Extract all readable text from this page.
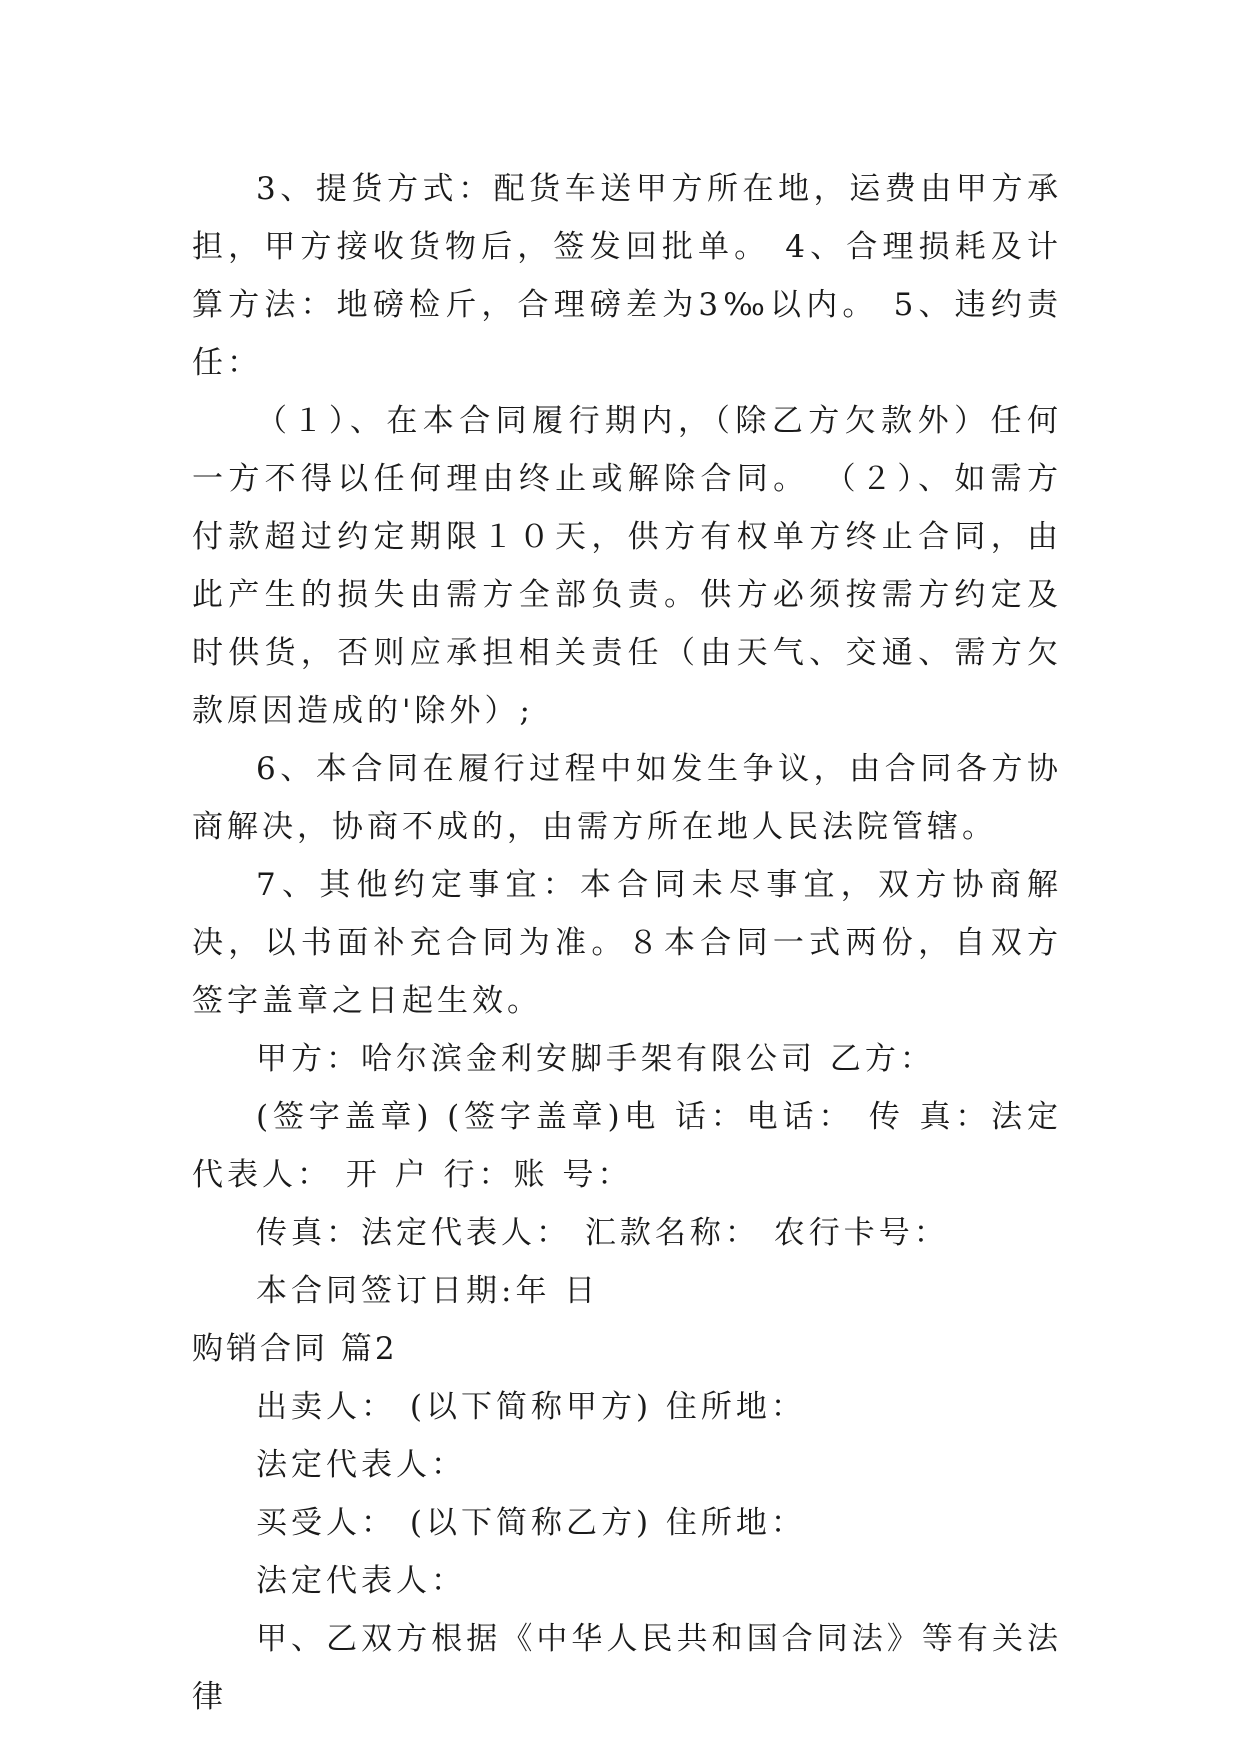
3、提货方式：配货车送甲方所在地，运费由甲方承担，甲方接收货物后，签发回批单。 4、合理损耗及计算方法：地磅检斤，合理磅差为3‰以内。 5、违约责任：

（１）、在本合同履行期内，（除乙方欠款外）任何一方不得以任何理由终止或解除合同。 （２）、如需方付款超过约定期限１０天，供方有权单方终止合同，由此产生的损失由需方全部负责。供方必须按需方约定及时供货，否则应承担相关责任（由天气、交通、需方欠款原因造成的'除外）;

6、本合同在履行过程中如发生争议，由合同各方协商解决，协商不成的，由需方所在地人民法院管辖。

7、其他约定事宜：本合同未尽事宜，双方协商解决，以书面补充合同为准。８本合同一式两份，自双方签字盖章之日起生效。

甲方：哈尔滨金利安脚手架有限公司 乙方：

(签字盖章) (签字盖章)电 话：电话： 传 真：法定代表人： 开 户 行：账 号：

传真：法定代表人： 汇款名称： 农行卡号：

本合同签订日期:年 日

购销合同 篇2

出卖人： (以下简称甲方) 住所地：

法定代表人：

买受人： (以下简称乙方) 住所地：

法定代表人：

甲、乙双方根据《中华人民共和国合同法》等有关法律
